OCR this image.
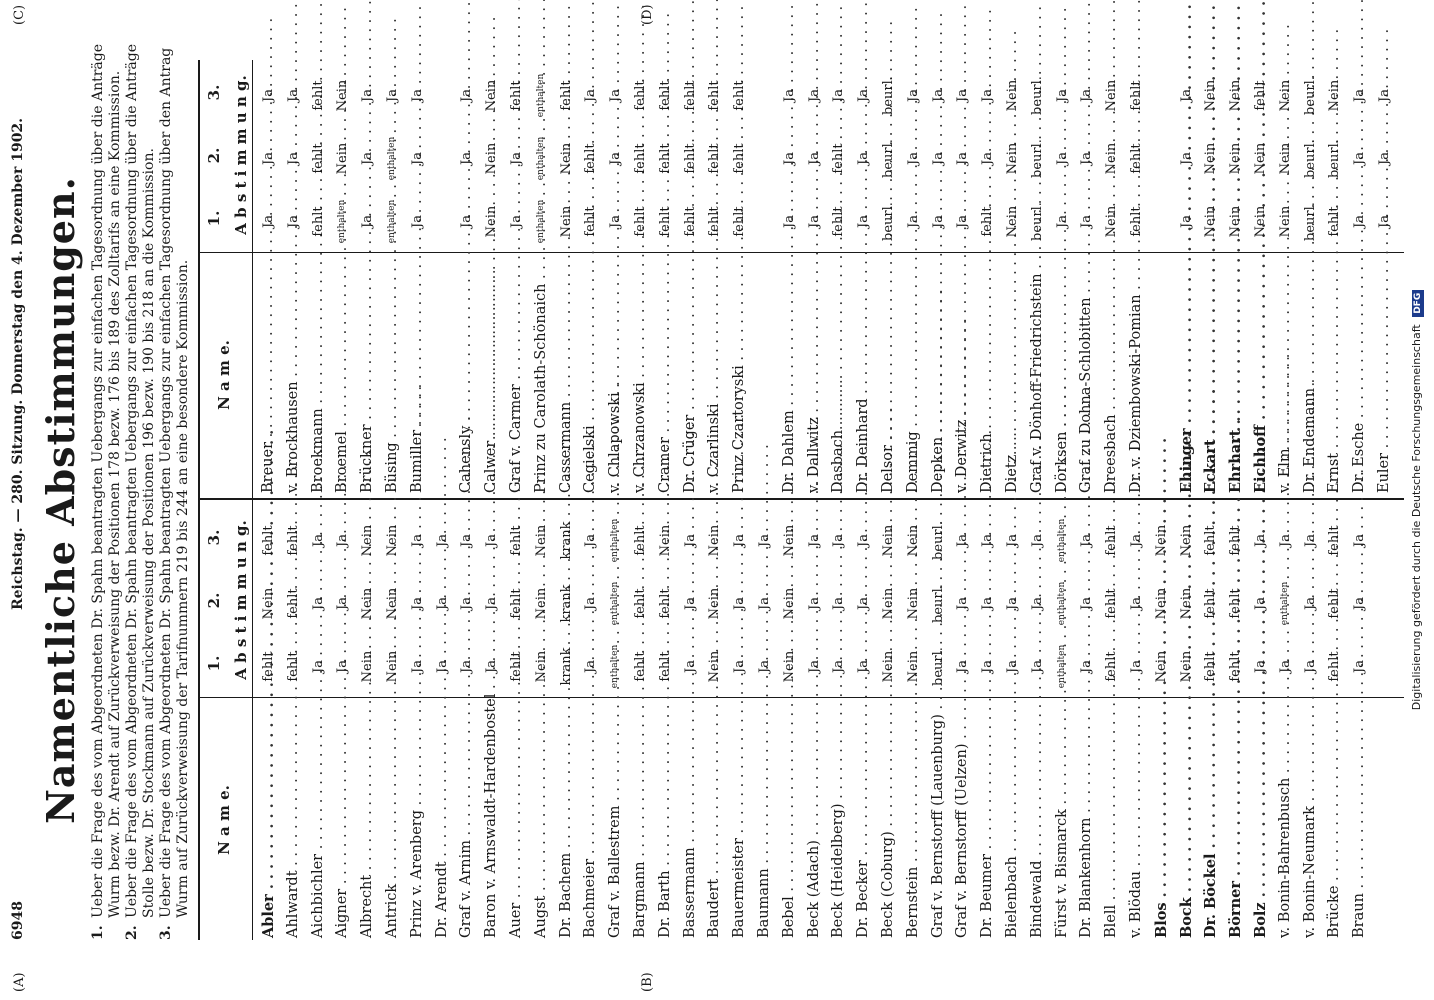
6948
Reichstag. — 280. Sitzung. Donnerstag den 4. Dezember 1902.
(A)
(C)
Namentliche Abstimmungen.
1.
Ueber die Frage des vom Abgeordneten Dr. Spahn beantragten Uebergangs zur einfachen Tagesordnung über die Anträge Wurm bezw. Dr. Arendt auf Zurückverweisung der Positionen 178 bezw. 176 bis 189 des Zolltarifs an eine Kommission.
2.
Ueber die Frage des vom Abgeordneten Dr. Spahn beantragten Uebergangs zur einfachen Tagesordnung über die Anträge Stolle bezw. Dr. Stockmann auf Zurückverweisung der Positionen 196 bezw. 190 bis 218 an die Kommission.
3.
Ueber die Frage des vom Abgeordneten Dr. Spahn beantragten Uebergangs zur einfachen Tagesordnung über den Antrag Wurm auf Zurückverweisung der Tarifnummern 219 bis 244 an eine besondere Kommission. N a m e.
A b s t i m m u n g.
1.
2.
3.
N a m e.
A b s t i m m u n g.
1.
2.
3.
(B)
(D)
Abler . . .
fehlt
Nein
fehlt
Ahlwardt . . .
fehlt
fehlt
fehlt
Aichbichler . . .
Ja
Ja
Ja
Aigner . . .
Ja
Ja
Ja
Albrecht . . .
Nein
Nein
Nein
Antrick . . .
Nein
Nein
Nein
Prinz v. Arenberg . . .
Ja
Ja
Ja
Dr. Arendt . . .
Ja
Ja
Ja
Graf v. Arnim . . .
Ja
Ja
Ja
Baron v. Arnswaldt-Hardenbostel . . .
Ja
Ja
Ja
Auer . . .
fehlt
fehlt
fehlt
Augst . . .
Nein
Nein
Nein
Dr. Bachem . . .
krank
krank
krank
Bachmeier . . .
Ja
Ja
Ja
Graf v. Ballestrem . . .
enthalten
enthalten
enthalten
Bargmann . . .
fehlt
fehlt
fehlt
Dr. Barth . . .
fehlt
fehlt
Nein
Bassermann . . .
Ja
Ja
Ja
Baudert . . .
Nein
Nein
Nein
Bauermeister . . .
Ja
Ja
Ja
Baumann . . .
Ja
Ja
Ja
Bebel . . .
Nein
Nein
Nein
Beck (Adach) . . .
Ja
Ja
Ja
Beck (Heidelberg) . . .
Ja
Ja
Ja
Dr. Becker . . .
Ja
Ja
Ja
Beck (Coburg) . . .
Nein
Nein
Nein
Bernstein . . .
Nein
Nein
Nein
Graf v. Bernstorff (Lauenburg) . . .
beurl.
beurl.
beurl.
Graf v. Bernstorff (Uelzen) . . .
Ja
Ja
Ja
Dr. Beumer . . .
Ja
Ja
Ja
Bielenbach . . .
Ja
Ja
Ja
Bindewald . . .
Ja
Ja
Ja
Fürst v. Bismarck . . .
enthalten
enthalten
enthalten
Dr. Blankenhorn . . .
Ja
Ja
Ja
Blell . . .
fehlt
fehlt
fehlt
v. Blödau . . .
Ja
Ja
Ja
Blos . . .
Nein
Nein
Nein
Bock . . .
Nein
Nein
Nein
Dr. Böckel . . .
fehlt
fehlt
fehlt
Börner . . .
fehlt
fehlt
fehlt
Bolz . . .
Ja
Ja
Ja
v. Bonin-Bahrenbusch . . .
Ja
enthalten
Ja
v. Bonin-Neumark . . .
Ja
Ja
Ja
Brücke . . .
fehlt
fehlt
fehlt
Braun . . .
Ja
Ja
Ja
Breuer . . .
Ja
Ja
Ja
v. Brockhausen . . .
Ja
Ja
Ja
Broekmann . . .
fehlt
fehlt
fehlt
Broemel . . .
enthalten
Nein
Nein
Brückner . . .
Ja
Ja
Ja
Büsing . . .
enthalten
enthalten
Ja
Bumiller . . .
Ja
Ja
Ja
Cahensly . . .
Ja
Ja
Ja
Calwer . . .
Nein
Nein
Nein
Graf v. Carmer . . .
Ja
Ja
fehlt
Prinz zu Carolath-Schönaich . . .
enthalten
enthalten
enthalten
Cassermann . . .
Nein
Nein
fehlt
Cegielski . . .
fehlt
fehlt
Ja
v. Chlapowski . . .
Ja
Ja
Ja
v. Chrzanowski . . .
fehlt
fehlt
fehlt
Cramer . . .
fehlt
fehlt
fehlt
Dr. Crüger . . .
fehlt
fehlt
fehlt
v. Czarlinski . . .
fehlt
fehlt
fehlt
Prinz Czartoryski . . .
fehlt
fehlt
fehlt
Dr. Dahlem . . .
Ja
Ja
Ja
v. Dallwitz . . .
Ja
Ja
Ja
Dasbach . . .
fehlt
fehlt
Ja
Dr. Deinhard . . .
Ja
Ja
Ja
Delsor . . .
beurl.
beurl.
beurl.
Demmig . . .
Ja
Ja
Ja
Depken . . .
Ja
Ja
Ja
v. Derwitz . . .
Ja
Ja
Ja
Dietrich . . .
fehlt
Ja
Ja
Dietz . . .
Nein
Nein
Nein
Graf v. Dönhoff-Friedrichstein . . .
beurl.
beurl.
beurl.
Dörksen . . .
Ja
Ja
Ja
Graf zu Dohna-Schlobitten . . .
Ja
Ja
Ja
Dreesbach . . .
Nein
Nein
Nein
Dr. v. Dziembowski-Pomian . . .
fehlt
fehlt
fehlt
Ehinger . . .
Ja
Ja
Ja
Eckart . . .
Nein
Nein
Nein
Ehrhart . . .
Nein
Nein
Nein
Eichhoff . . .
Nein
Nein
fehlt
v. Elm . . .
Nein
Nein
Nein
Dr. Endemann . . .
beurl.
beurl.
beurl.
Ernst . . .
fehlt
beurl.
Nein
Dr. Esche . . .
Ja
Ja
Ja
Euler . . .
Ja
Ja
Ja
Digitalisierung gefördert durch die Deutsche Forschungsgemeinschaft DFG
